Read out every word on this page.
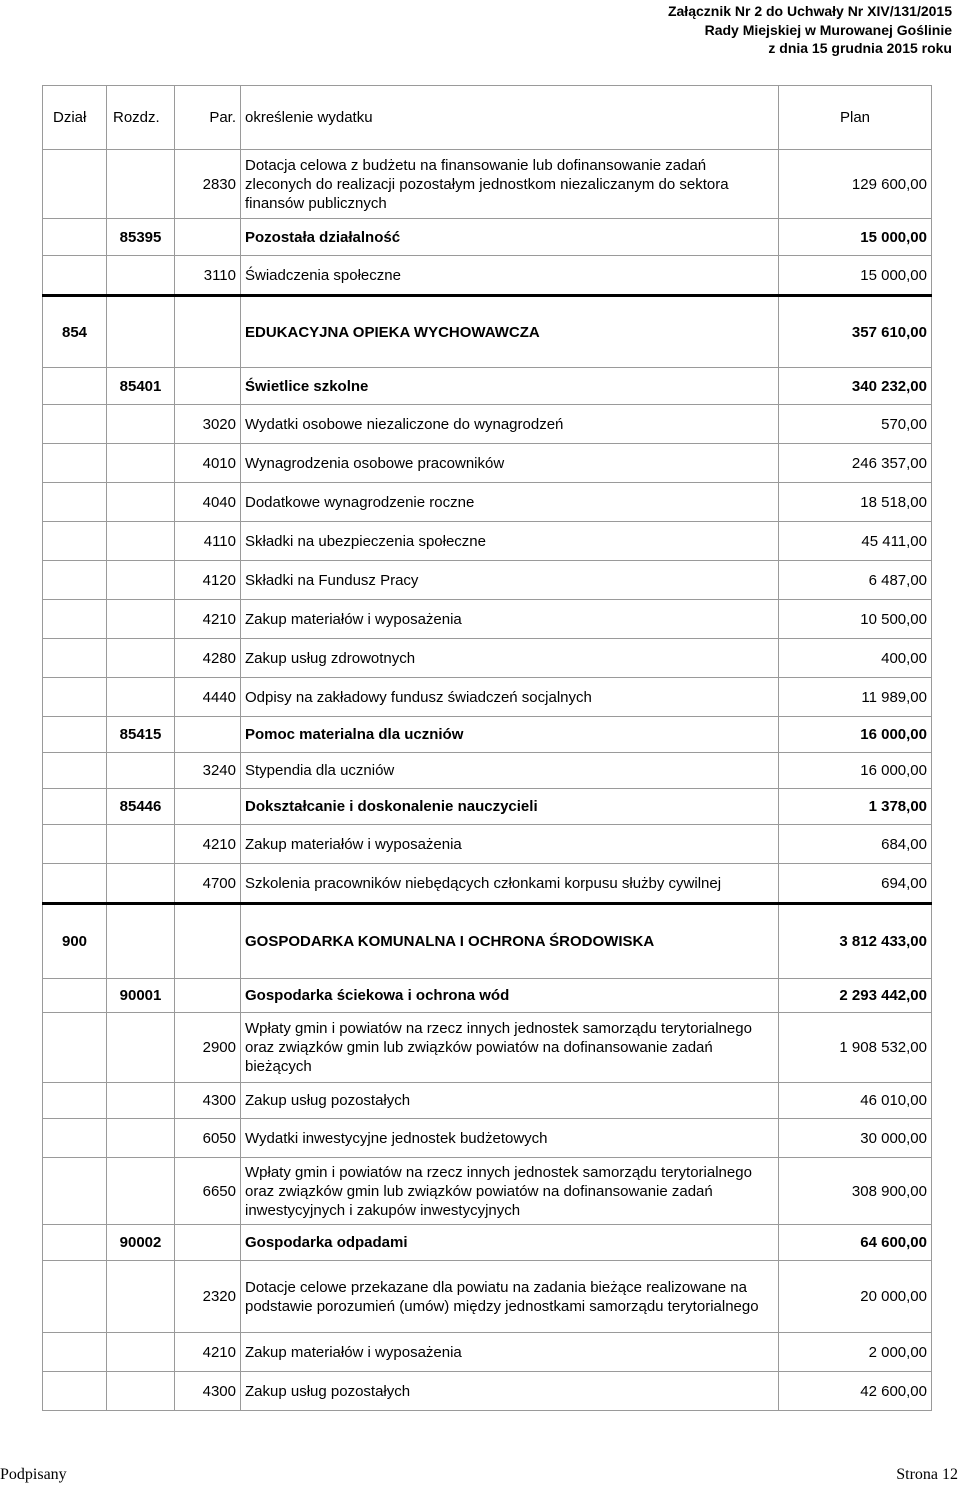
Załącznik Nr 2 do Uchwały Nr XIV/131/2015
Rady Miejskiej w Murowanej Goślinie
z dnia 15 grudnia 2015 roku
Dział	Rozdz.	Par.	określenie wydatku	Plan
		2830	Dotacja celowa z budżetu na finansowanie lub dofinansowanie zadań zleconych do realizacji pozostałym jednostkom niezaliczanym do sektora finansów publicznych	129 600,00
	85395		Pozostała działalność	15 000,00
		3110	Świadczenia społeczne	15 000,00
854			EDUKACYJNA OPIEKA WYCHOWAWCZA	357 610,00
	85401		Świetlice szkolne	340 232,00
		3020	Wydatki osobowe niezaliczone do wynagrodzeń	570,00
		4010	Wynagrodzenia osobowe pracowników	246 357,00
		4040	Dodatkowe wynagrodzenie roczne	18 518,00
		4110	Składki na ubezpieczenia społeczne	45 411,00
		4120	Składki na Fundusz Pracy	6 487,00
		4210	Zakup materiałów i wyposażenia	10 500,00
		4280	Zakup usług zdrowotnych	400,00
		4440	Odpisy na zakładowy fundusz świadczeń socjalnych	11 989,00
	85415		Pomoc materialna dla uczniów	16 000,00
		3240	Stypendia dla uczniów	16 000,00
	85446		Dokształcanie i doskonalenie nauczycieli	1 378,00
		4210	Zakup materiałów i wyposażenia	684,00
		4700	Szkolenia pracowników niebędących członkami korpusu służby cywilnej	694,00
900			GOSPODARKA KOMUNALNA I OCHRONA ŚRODOWISKA	3 812 433,00
	90001		Gospodarka ściekowa i ochrona wód	2 293 442,00
		2900	Wpłaty gmin i powiatów na rzecz innych jednostek samorządu terytorialnego oraz związków gmin lub związków powiatów na dofinansowanie zadań bieżących	1 908 532,00
		4300	Zakup usług pozostałych	46 010,00
		6050	Wydatki inwestycyjne jednostek budżetowych	30 000,00
		6650	Wpłaty gmin i powiatów na rzecz innych jednostek samorządu terytorialnego oraz związków gmin lub związków powiatów na dofinansowanie zadań inwestycyjnych i zakupów inwestycyjnych	308 900,00
	90002		Gospodarka odpadami	64 600,00
		2320	Dotacje celowe przekazane dla powiatu na zadania bieżące realizowane na podstawie porozumień (umów) między jednostkami samorządu terytorialnego	20 000,00
		4210	Zakup materiałów i wyposażenia	2 000,00
		4300	Zakup usług pozostałych	42 600,00
Podpisany	Strona 12
